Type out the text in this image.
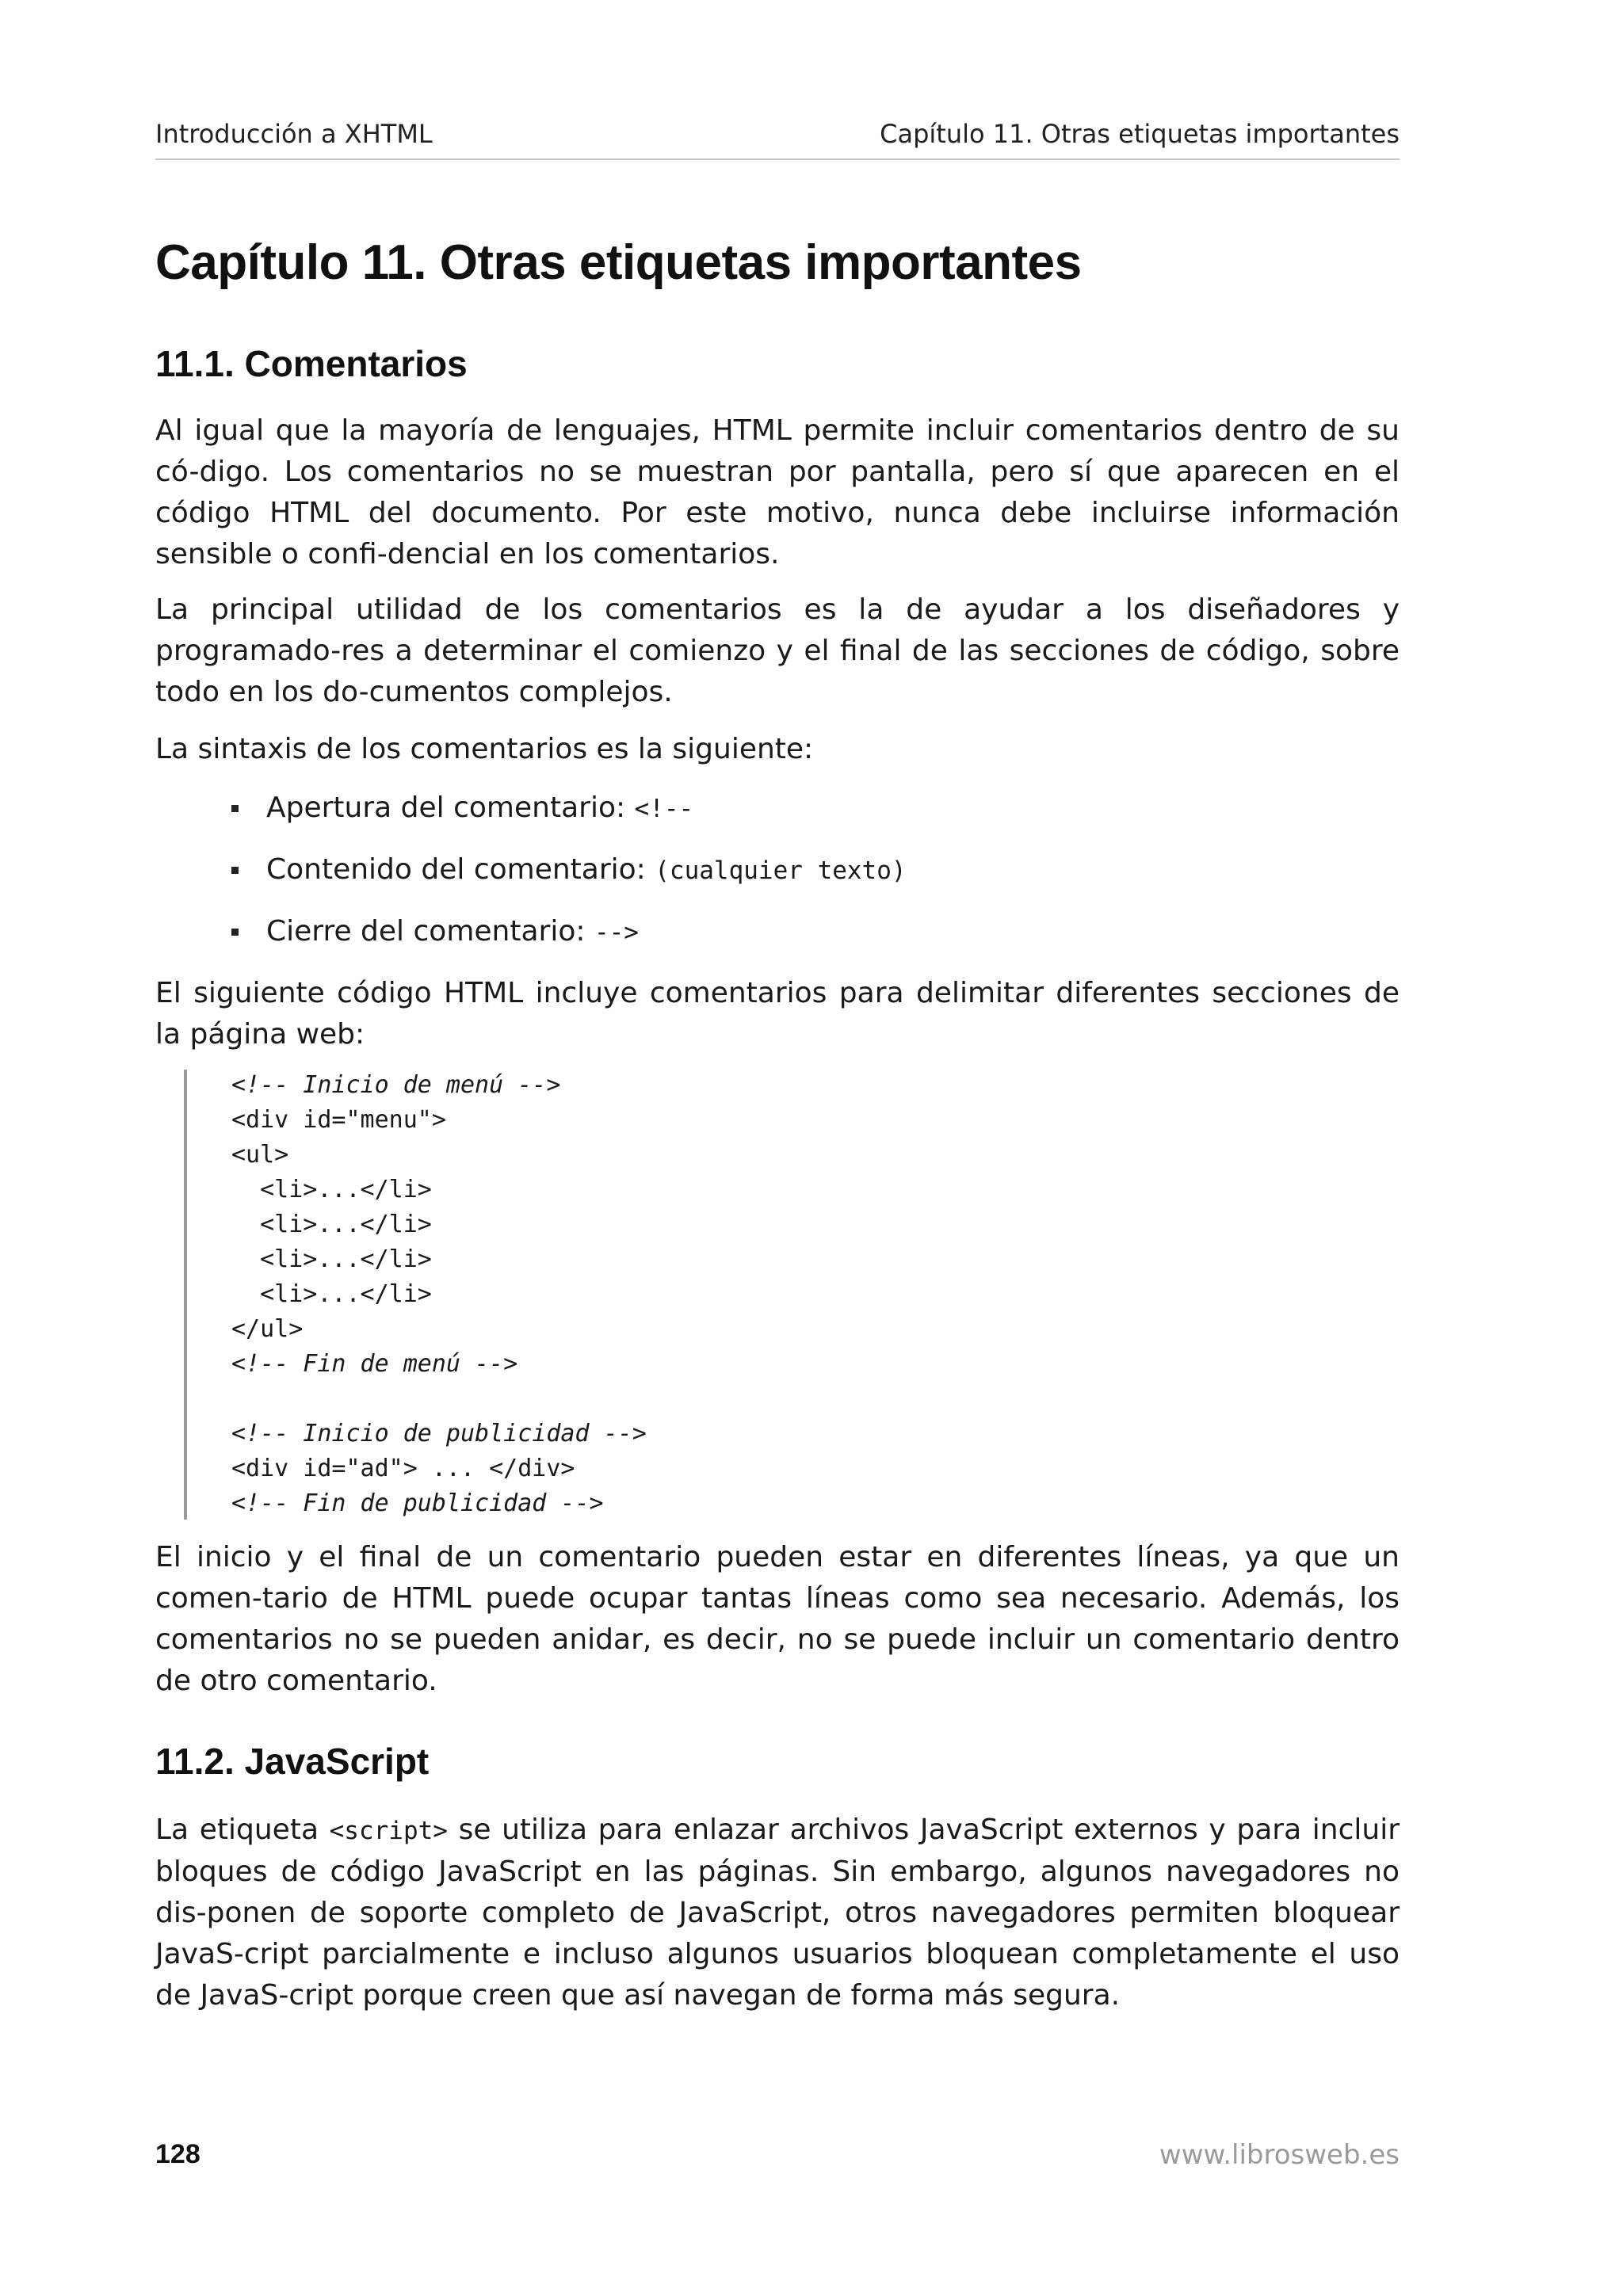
Introducción a XHTML	Capítulo 11. Otras etiquetas importantes
Capítulo 11. Otras etiquetas importantes
11.1. Comentarios

Al igual que la mayoría de lenguajes, HTML permite incluir comentarios dentro de su có-digo. Los comentarios no se muestran por pantalla, pero sí que aparecen en el código HTML del documento. Por este motivo, nunca debe incluirse información sensible o confi-dencial en los comentarios.

La principal utilidad de los comentarios es la de ayudar a los diseñadores y programado-res a determinar el comienzo y el final de las secciones de código, sobre todo en los do-cumentos complejos.

La sintaxis de los comentarios es la siguiente:

Apertura del comentario: <!--
Contenido del comentario: (cualquier texto)
Cierre del comentario: -->

El siguiente código HTML incluye comentarios para delimitar diferentes secciones de la página web:

<!-- Inicio de menú -->
<div id="menu">
<ul>
<li>...</li>
<li>...</li>
<li>...</li>
<li>...</li>
</ul>
<!-- Fin de menú -->
<!-- Inicio de publicidad -->
<div id="ad"> ... </div>
<!-- Fin de publicidad -->

El inicio y el final de un comentario pueden estar en diferentes líneas, ya que un comen-tario de HTML puede ocupar tantas líneas como sea necesario. Además, los comentarios no se pueden anidar, es decir, no se puede incluir un comentario dentro de otro comentario.

11.2. JavaScript

La etiqueta <script> se utiliza para enlazar archivos JavaScript externos y para incluir bloques de código JavaScript en las páginas. Sin embargo, algunos navegadores no dis-ponen de soporte completo de JavaScript, otros navegadores permiten bloquear JavaS-cript parcialmente e incluso algunos usuarios bloquean completamente el uso de JavaS-cript porque creen que así navegan de forma más segura.

128	www.librosweb.es
